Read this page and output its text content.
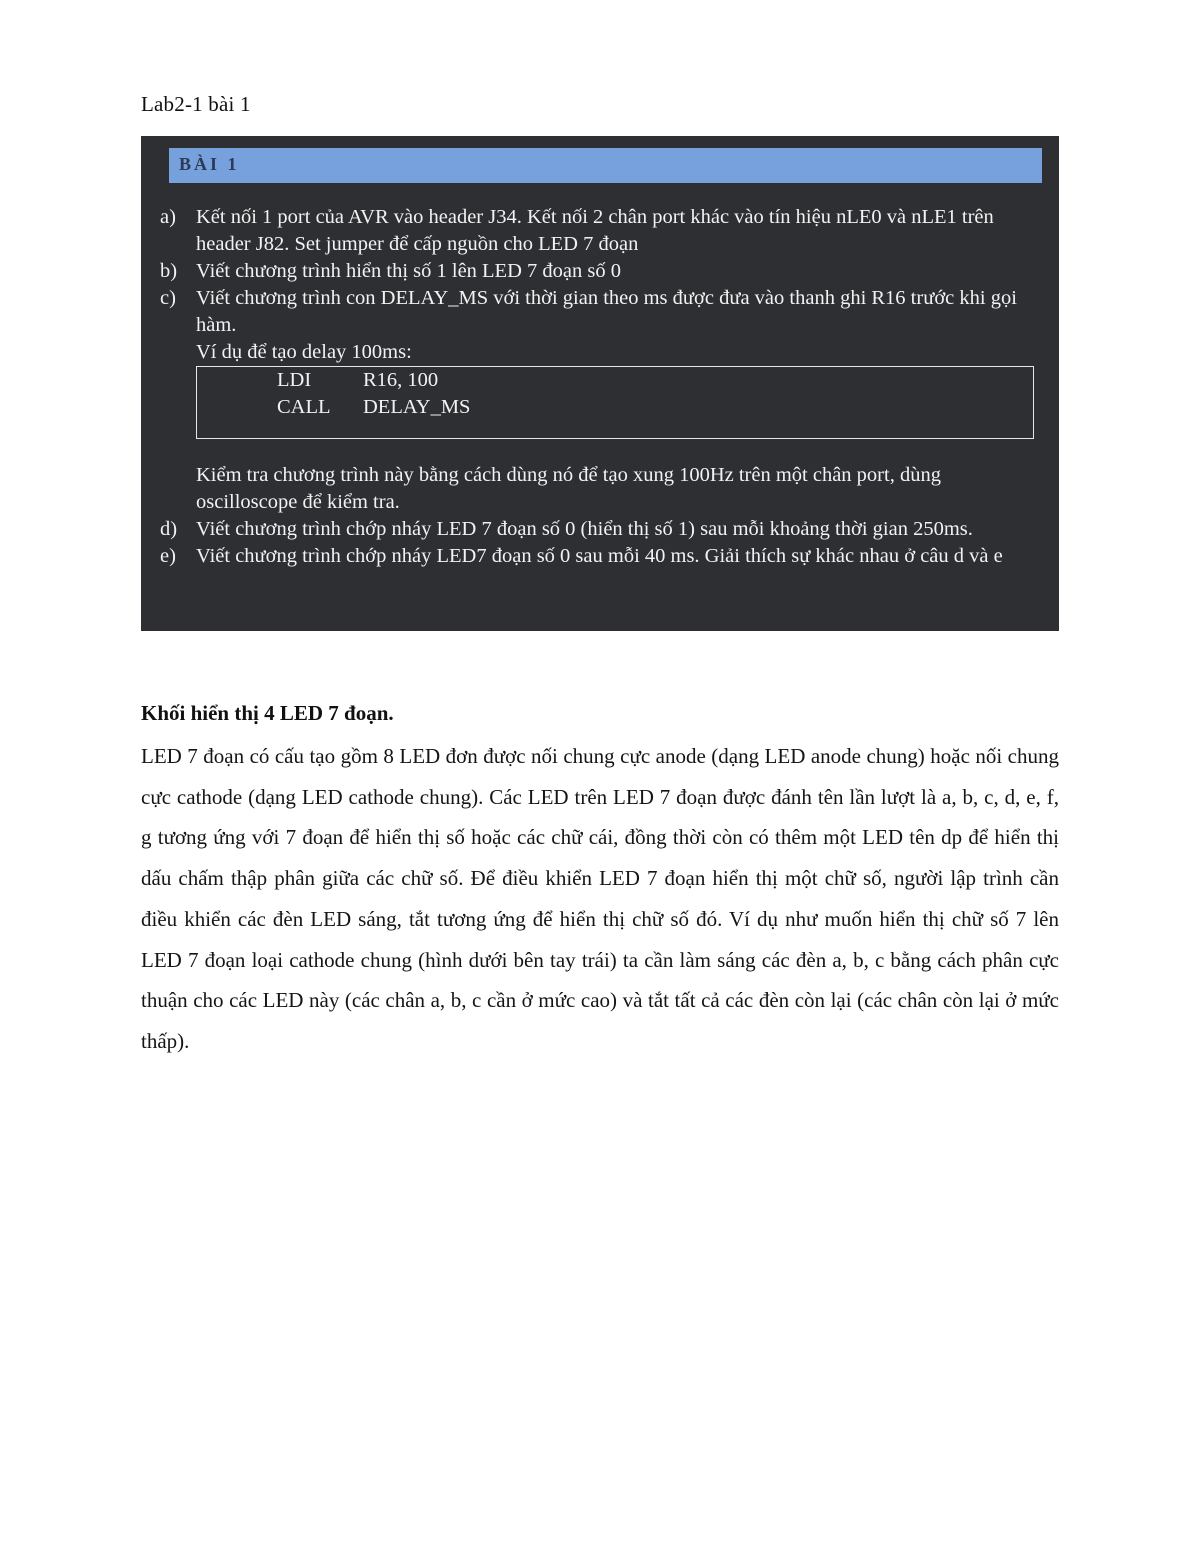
Lab2-1 bài 1
BÀI 1
a) Kết nối 1 port của AVR vào header J34. Kết nối 2 chân port khác vào tín hiệu nLE0 và nLE1 trên header J82. Set jumper để cấp nguồn cho LED 7 đoạn
b) Viết chương trình hiển thị số 1 lên LED 7 đoạn số 0
c) Viết chương trình con DELAY_MS với thời gian theo ms được đưa vào thanh ghi R16 trước khi gọi hàm.
Ví dụ để tạo delay 100ms:
LDI	R16, 100
CALL DELAY_MS
Kiểm tra chương trình này bằng cách dùng nó để tạo xung 100Hz trên một chân port, dùng oscilloscope để kiểm tra.
d) Viết chương trình chớp nháy LED 7 đoạn số 0 (hiển thị số 1) sau mỗi khoảng thời gian 250ms.
e) Viết chương trình chớp nháy LED7 đoạn số 0 sau mỗi 40 ms. Giải thích sự khác nhau ở câu d và e
Khối hiển thị 4 LED 7 đoạn.
LED 7 đoạn có cấu tạo gồm 8 LED đơn được nối chung cực anode (dạng LED anode chung) hoặc nối chung cực cathode (dạng LED cathode chung). Các LED trên LED 7 đoạn được đánh tên lần lượt là a, b, c, d, e, f, g tương ứng với 7 đoạn để hiển thị số hoặc các chữ cái, đồng thời còn có thêm một LED tên dp để hiển thị dấu chấm thập phân giữa các chữ số. Để điều khiển LED 7 đoạn hiển thị một chữ số, người lập trình cần điều khiển các đèn LED sáng, tắt tương ứng để hiển thị chữ số đó. Ví dụ như muốn hiển thị chữ số 7 lên LED 7 đoạn loại cathode chung (hình dưới bên tay trái) ta cần làm sáng các đèn a, b, c bằng cách phân cực thuận cho các LED này (các chân a, b, c cần ở mức cao) và tắt tất cả các đèn còn lại (các chân còn lại ở mức thấp).
